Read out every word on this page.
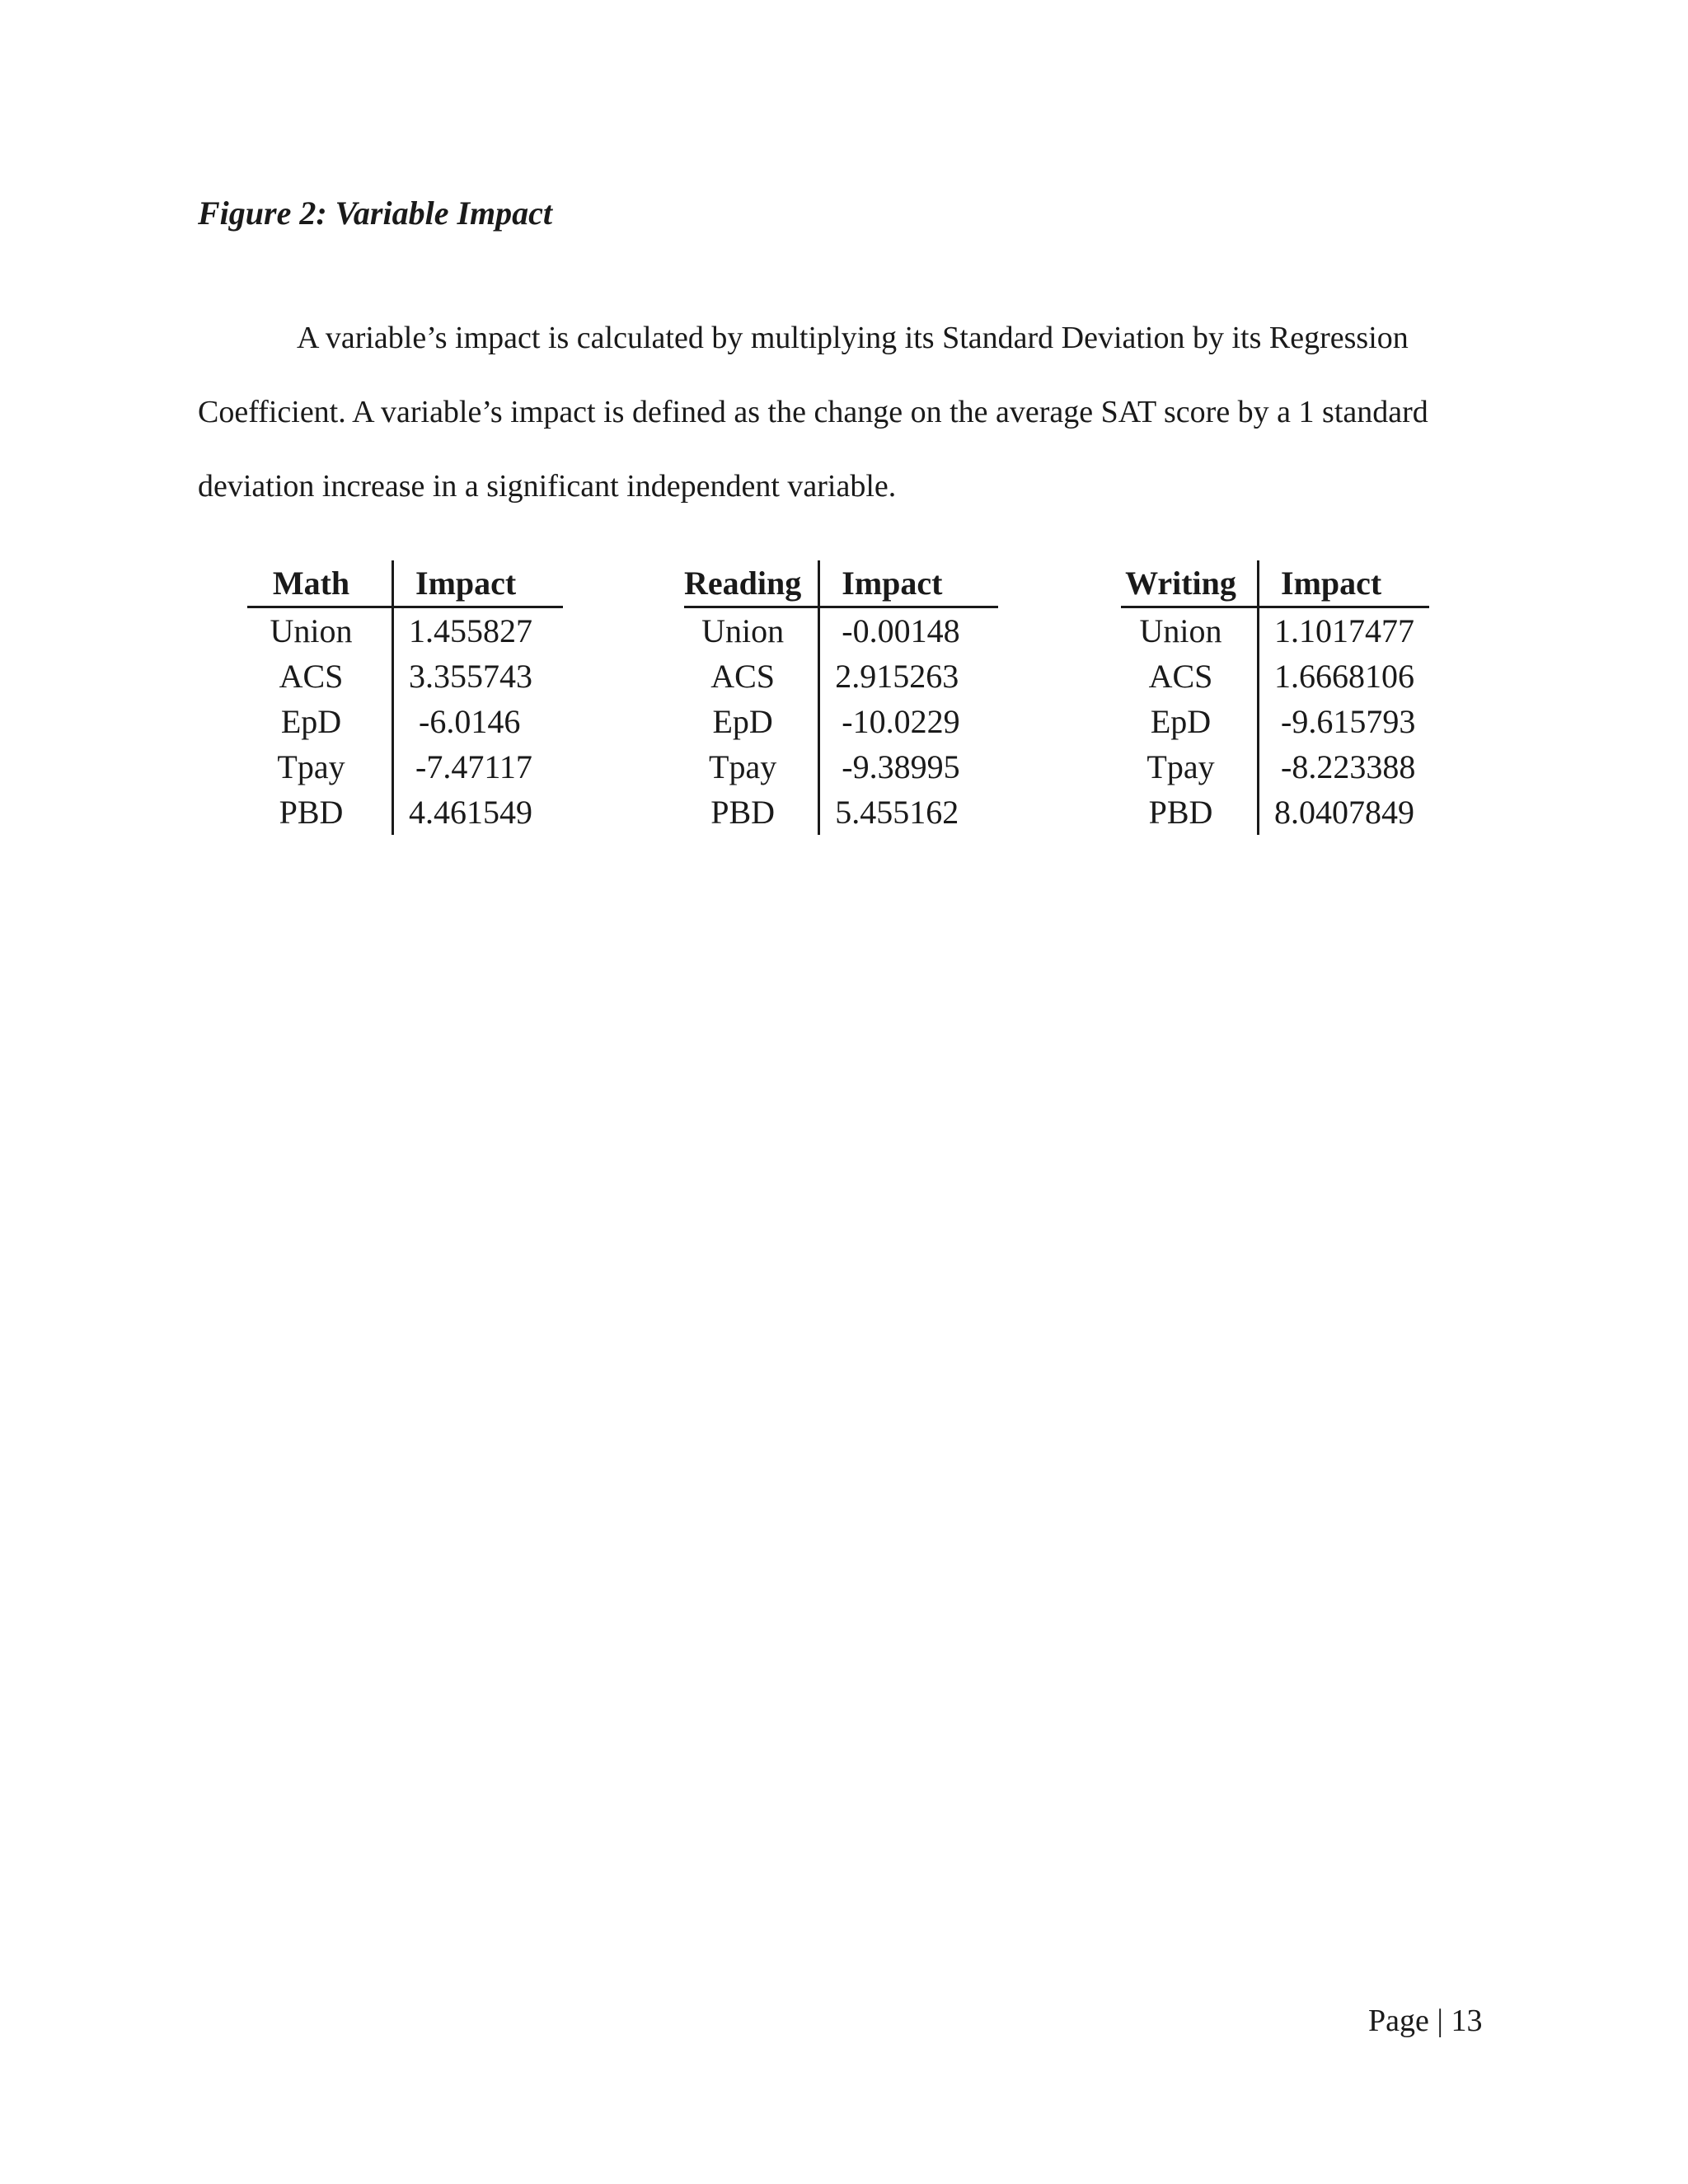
Figure 2: Variable Impact

A variable’s impact is calculated by multiplying its Standard Deviation by its Regression
Coefficient. A variable’s impact is defined as the change on the average SAT score by a 1 standard
deviation increase in a significant independent variable.

Math	Impact
Union	1.455827
ACS	3.355743
EpD	-6.0146
Tpay	-7.47117
PBD	4.461549
Reading	Impact
Union	-0.00148
ACS	2.915263
EpD	-10.0229
Tpay	-9.38995
PBD	5.455162
Writing	Impact
Union	1.1017477
ACS	1.6668106
EpD	-9.615793
Tpay	-8.223388
PBD	8.0407849

Page | 13
